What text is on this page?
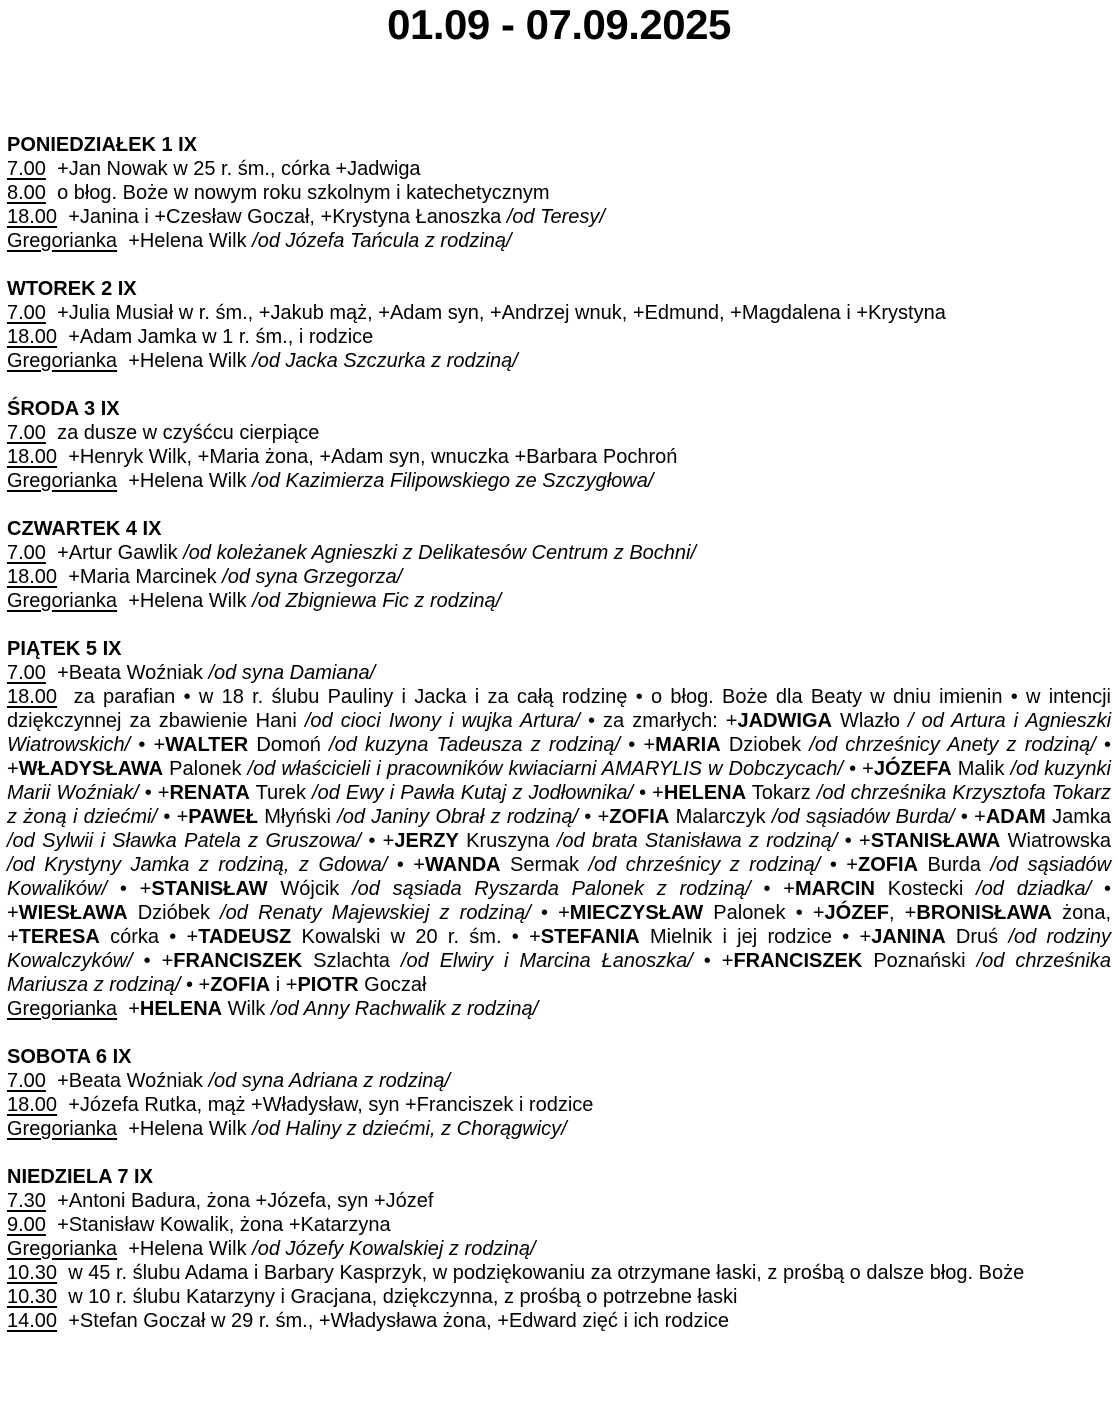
01.09 - 07.09.2025
PONIEDZIAŁEK 1 IX
7.00 +Jan Nowak w 25 r. śm., córka +Jadwiga
8.00 o błog. Boże w nowym roku szkolnym i katechetycznym
18.00 +Janina i +Czesław Goczał, +Krystyna Łanoszka /od Teresy/
Gregorianka +Helena Wilk /od Józefa Tańcula z rodziną/
WTOREK 2 IX
7.00 +Julia Musiał w r. śm., +Jakub mąż, +Adam syn, +Andrzej wnuk, +Edmund, +Magdalena i +Krystyna
18.00 +Adam Jamka w 1 r. śm., i rodzice
Gregorianka +Helena Wilk /od Jacka Szczurka z rodziną/
ŚRODA 3 IX
7.00 za dusze w czyśćcu cierpiące
18.00 +Henryk Wilk, +Maria żona, +Adam syn, wnuczka +Barbara Pochroń
Gregorianka +Helena Wilk /od Kazimierza Filipowskiego ze Szczygłowa/
CZWARTEK 4 IX
7.00 +Artur Gawlik /od koleżanek Agnieszki z Delikatesów Centrum z Bochni/
18.00 +Maria Marcinek /od syna Grzegorza/
Gregorianka +Helena Wilk /od Zbigniewa Fic z rodziną/
PIĄTEK 5 IX
7.00 +Beata Woźniak /od syna Damiana/
18.00 za parafian • w 18 r. ślubu Pauliny i Jacka i za całą rodzinę • o błog. Boże dla Beaty w dniu imienin • w intencji dziękczynnej za zbawienie Hani /od cioci Iwony i wujka Artura/ • za zmarłych: +JADWIGA Wlazło / od Artura i Agnieszki Wiatrowskich/ • +WALTER Domoń /od kuzyna Tadeusza z rodziną/ • +MARIA Dziobek /od chrześnicy Anety z rodziną/ • +WŁADYSŁAWA Palonek /od właścicieli i pracowników kwiaciarni AMARYLIS w Dobczycach/ • +JÓZEFA Malik /od kuzynki Marii Woźniak/ • +RENATA Turek /od Ewy i Pawła Kutaj z Jodłownika/ • +HELENA Tokarz /od chrześnika Krzysztofa Tokarz z żoną i dziećmi/ • +PAWEŁ Młyński /od Janiny Obrał z rodziną/ • +ZOFIA Malarczyk /od sąsiadów Burda/ • +ADAM Jamka /od Sylwii i Sławka Patela z Gruszowa/ • +JERZY Kruszyna /od brata Stanisława z rodziną/ • +STANISŁAWA Wiatrowska /od Krystyny Jamka z rodziną, z Gdowa/ • +WANDA Sermak /od chrześnicy z rodziną/ • +ZOFIA Burda /od sąsiadów Kowalików/ • +STANISŁAW Wójcik /od sąsiada Ryszarda Palonek z rodziną/ • +MARCIN Kostecki /od dziadka/ • +WIESŁAWA Dzióbek /od Renaty Majewskiej z rodziną/ • +MIECZYSŁAW Palonek • +JÓZEF, +BRONISŁAWA żona, +TERESA córka • +TADEUSZ Kowalski w 20 r. śm. • +STEFANIA Mielnik i jej rodzice • +JANINA Druś /od rodziny Kowalczyków/ • +FRANCISZEK Szlachta /od Elwiry i Marcina Łanoszka/ • +FRANCISZEK Poznański /od chrześnika Mariusza z rodziną/ • +ZOFIA i +PIOTR Goczał
Gregorianka +HELENA Wilk /od Anny Rachwalik z rodziną/
SOBOTA 6 IX
7.00 +Beata Woźniak /od syna Adriana z rodziną/
18.00 +Józefa Rutka, mąż +Władysław, syn +Franciszek i rodzice
Gregorianka +Helena Wilk /od Haliny z dziećmi, z Chorągwicy/
NIEDZIELA 7 IX
7.30 +Antoni Badura, żona +Józefa, syn +Józef
9.00 +Stanisław Kowalik, żona +Katarzyna
Gregorianka +Helena Wilk /od Józefy Kowalskiej z rodziną/
10.30 w 45 r. ślubu Adama i Barbary Kasprzyk, w podziękowaniu za otrzymane łaski, z prośbą o dalsze błog. Boże
10.30 w 10 r. ślubu Katarzyny i Gracjana, dziękczynna, z prośbą o potrzebne łaski
14.00 +Stefan Goczał w 29 r. śm., +Władysława żona, +Edward zięć i ich rodzice
